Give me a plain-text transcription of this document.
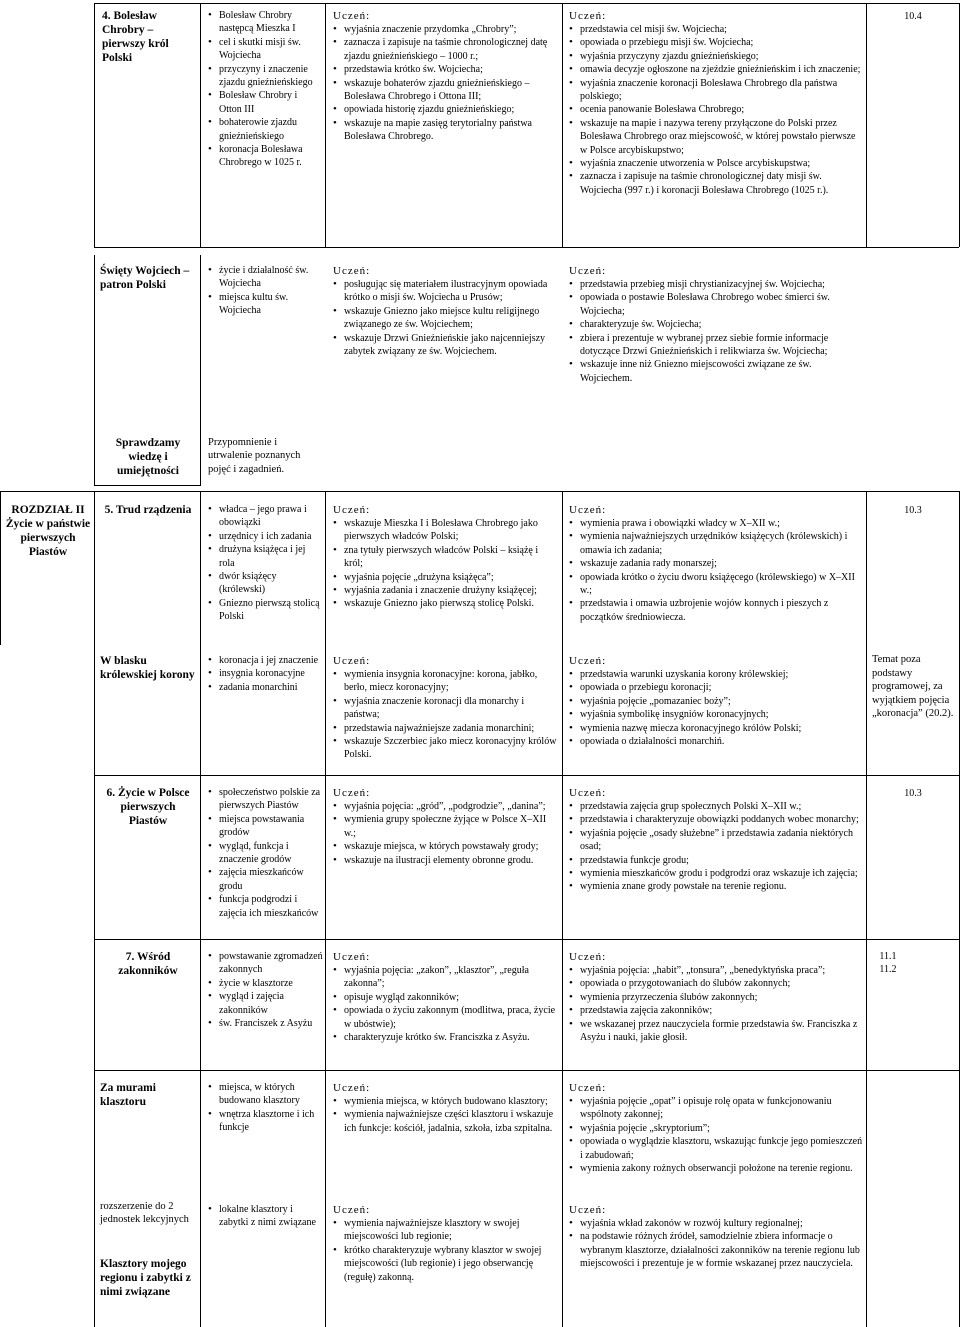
4. Bolesław Chrobry – pierwszy król Polski
• Bolesław Chrobry następcą Mieszka I
• cel i skutki misji św. Wojciecha
• przyczyny i znaczenie zjazdu gnieźnieńskiego
• Bolesław Chrobry i Otton III
• bohaterowie zjazdu gnieźnieńskiego
• koronacja Bolesława Chrobrego w 1025 r.
Uczeń:
• wyjaśnia znaczenie przydomka „Chrobry”;
• zaznacza i zapisuje na taśmie chronologicznej datę zjazdu gnieźnieńskiego – 1000 r.;
• przedstawia krótko św. Wojciecha;
• wskazuje bohaterów zjazdu gnieźnieńskiego – Bolesława Chrobrego i Ottona III;
• opowiada historię zjazdu gnieźnieńskiego;
• wskazuje na mapie zasięg terytorialny państwa Bolesława Chrobrego.
Uczeń:
• przedstawia cel misji św. Wojciecha;
• opowiada o przebiegu misji św. Wojciecha;
• wyjaśnia przyczyny zjazdu gnieźnieńskiego;
• omawia decyzje ogłoszone na zjeździe gnieźnieńskim i ich znaczenie;
• wyjaśnia znaczenie koronacji Bolesława Chrobrego dla państwa polskiego;
• ocenia panowanie Bolesława Chrobrego;
• wskazuje na mapie i nazywa tereny przyłączone do Polski przez Bolesława Chrobrego oraz miejscowość, w której powstało pierwsze w Polsce arcybiskupstwo;
• wyjaśnia znaczenie utworzenia w Polsce arcybiskupstwa;
• zaznacza i zapisuje na taśmie chronologicznej daty misji św. Wojciecha (997 r.) i koronacji Bolesława Chrobrego (1025 r.).
10.4
Święty Wojciech – patron Polski
• życie i działalność św. Wojciecha
• miejsca kultu św. Wojciecha
Uczeń:
• posługując się materiałem ilustracyjnym opowiada krótko o misji św. Wojciecha u Prusów;
• wskazuje Gniezno jako miejsce kultu religijnego związanego ze św. Wojciechem;
• wskazuje Drzwi Gnieźnieńskie jako najcenniejszy zabytek związany ze św. Wojciechem.
Uczeń:
• przedstawia przebieg misji chrystianizacyjnej św. Wojciecha;
• opowiada o postawie Bolesława Chrobrego wobec śmierci św. Wojciecha;
• charakteryzuje św. Wojciecha;
• zbiera i prezentuje w wybranej przez siebie formie informacje dotyczące Drzwi Gnieźnieńskich i relikwiarza św. Wojciecha;
• wskazuje inne niż Gniezno miejscowości związane ze św. Wojciechem.
Sprawdzamy wiedzę i umiejętności
Przypomnienie i utrwalenie poznanych pojęć i zagadnień.
ROZDZIAŁ II Życie w państwie pierwszych Piastów
5. Trud rządzenia
•	władca – jego prawa i obowiązki
• urzędnicy i ich zadania
• drużyna książęca i jej rola
• dwór książęcy (królewski)
• Gniezno pierwszą stolicą Polski
Uczeń:
• wskazuje Mieszka I i Bolesława Chrobrego jako pierwszych władców Polski;
• zna tytuły pierwszych władców Polski – książę i król;
• wyjaśnia pojęcie „drużyna książęca”;
• wyjaśnia zadania i znaczenie drużyny książęcej;
• wskazuje Gniezno jako pierwszą stolicę Polski.
Uczeń:
• wymienia prawa i obowiązki władcy w X–XII w.;
• wymienia najważniejszych urzędników książęcych (królewskich) i omawia ich zadania;
• wskazuje zadania rady monarszej;
• opowiada krótko o życiu dworu książęcego (królewskiego) w X–XII w.;
• przedstawia i omawia uzbrojenie wojów konnych i pieszych z początków średniowiecza.
10.3
W blasku królewskiej korony
• koronacja i jej znaczenie
• insygnia koronacyjne
• zadania monarchini
Uczeń:
• wymienia insygnia koronacyjne: korona, jabłko, berło, miecz koronacyjny;
• wyjaśnia znaczenie koronacji dla monarchy i państwa;
• przedstawia najważniejsze zadania monarchini;
• wskazuje Szczerbiec jako miecz koronacyjny królów Polski.
Uczeń:
• przedstawia warunki uzyskania korony królewskiej;
• opowiada o przebiegu koronacji;
• wyjaśnia pojęcie „pomazaniec boży”;
• wyjaśnia symbolikę insygniów koronacyjnych;
• wymienia nazwę miecza koronacyjnego królów Polski;
• opowiada o działalności monarchiń.
Temat poza podstawy programowej, za wyjątkiem pojęcia „koronacja” (20.2).
6. Życie w Polsce pierwszych Piastów
• społeczeństwo polskie za pierwszych Piastów
• miejsca powstawania grodów
• wygląd, funkcja i znaczenie grodów
• zajęcia mieszkańców grodu
• funkcja podgrodzi i zajęcia ich mieszkańców
Uczeń:
• wyjaśnia pojęcia: „gród”, „podgrodzie”, „danina”;
• wymienia grupy społeczne żyjące w Polsce X–XII w.;
• wskazuje miejsca, w których powstawały grody;
• wskazuje na ilustracji elementy obronne grodu.
Uczeń:
• przedstawia zajęcia grup społecznych Polski X–XII w.;
• przedstawia i charakteryzuje obowiązki poddanych wobec monarchy;
• wyjaśnia pojęcie „osady służebne” i przedstawia zadania niektórych osad;
• przedstawia funkcje grodu;
• wymienia mieszkańców grodu i podgrodzi oraz wskazuje ich zajęcia;
• wymienia znane grody powstałe na terenie regionu.
10.3
7. Wśród zakonników
• powstawanie zgromadzeń zakonnych
• życie w klasztorze
• wygląd i zajęcia zakonników
• św. Franciszek z Asyżu
Uczeń:
• wyjaśnia pojęcia: „zakon”, „klasztor”, „reguła zakonna”;
• opisuje wygląd zakonników;
• opowiada o życiu zakonnym (modlitwa, praca, życie w ubóstwie);
• charakteryzuje krótko św. Franciszka z Asyżu.
Uczeń:
• wyjaśnia pojęcia: „habit”, „tonsura”, „benedyktyńska praca”;
• opowiada o przygotowaniach do ślubów zakonnych;
• wymienia przyrzeczenia ślubów zakonnych;
• przedstawia zajęcia zakonników;
• we wskazanej przez nauczyciela formie przedstawia św. Franciszka z Asyżu i nauki, jakie głosił.
11.1 11.2
Za murami klasztoru
• miejsca, w których budowano klasztory
• wnętrza klasztorne i ich funkcje
Uczeń:
• wymienia miejsca, w których budowano klasztory;
• wymienia najważniejsze części klasztoru i wskazuje ich funkcje: kościół, jadalnia, szkoła, izba szpitalna.
Uczeń:
• wyjaśnia pojęcie „opat” i opisuje rolę opata w funkcjonowaniu wspólnoty zakonnej;
• wyjaśnia pojęcie „skryptorium”;
• opowiada o wyglądzie klasztoru, wskazując funkcje jego pomieszczeń i zabudowań;
• wymienia zakony rożnych obserwancji położone na terenie regionu.
rozszerzenie do 2 jednostek lekcyjnych
Klasztory mojego regionu i zabytki z nimi związane
• lokalne klasztory i zabytki z nimi związane
Uczeń:
• wymienia najważniejsze klasztory w swojej miejscowości lub regionie;
• krótko charakteryzuje wybrany klasztor w swojej miejscowości (lub regionie) i jego obserwancję (regułę) zakonną.
Uczeń:
• wyjaśnia wkład zakonów w rozwój kultury regionalnej;
• na podstawie różnych źródeł, samodzielnie zbiera informacje o wybranym klasztorze, działalności zakonników na terenie regionu lub miejscowości i prezentuje je w formie wskazanej przez nauczyciela.
